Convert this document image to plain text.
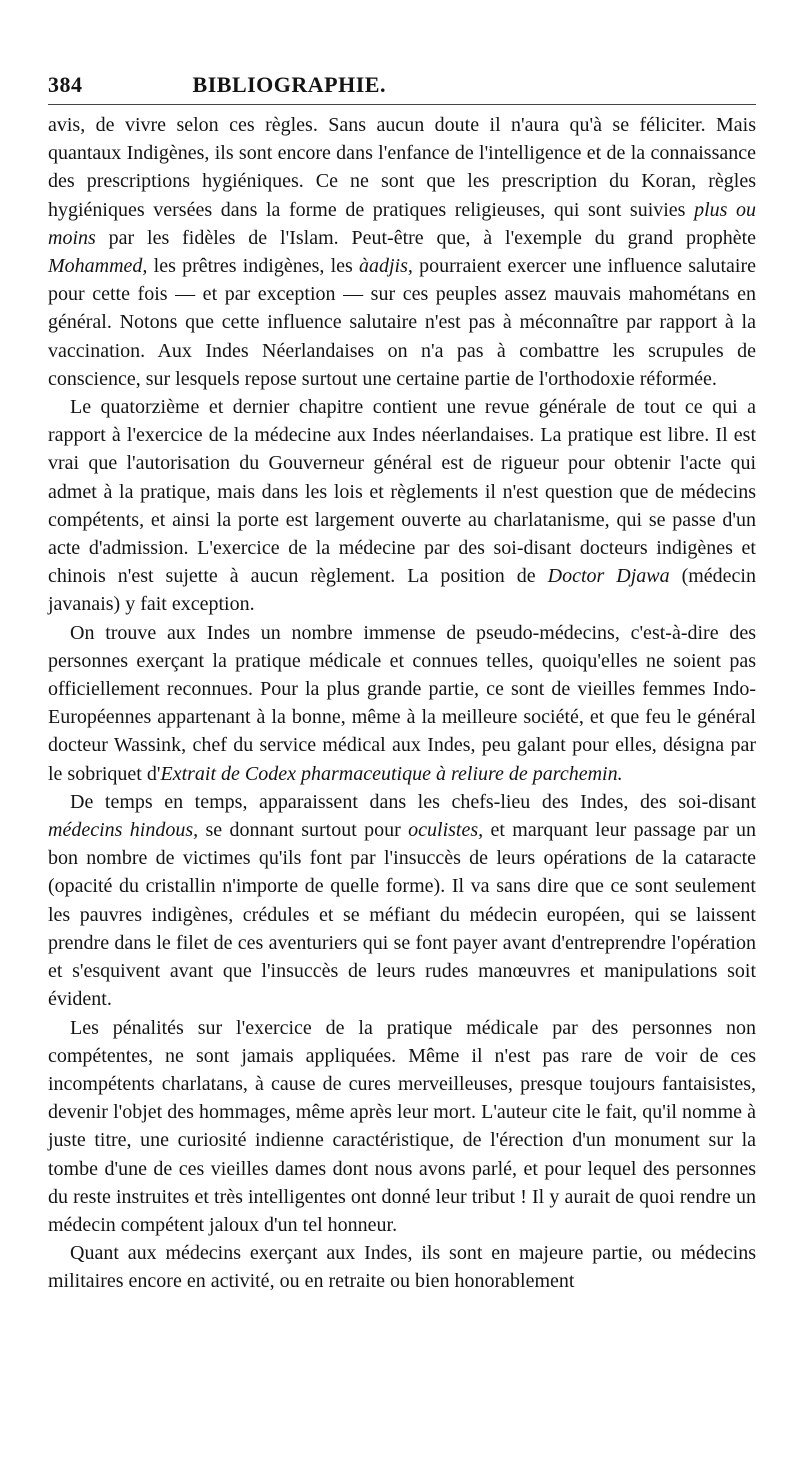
384	BIBLIOGRAPHIE.

avis, de vivre selon ces règles. Sans aucun doute il n'aura qu'à se féliciter. Mais quantaux Indigènes, ils sont encore dans l'enfance de l'intelligence et de la connaissance des prescriptions hygiéniques. Ce ne sont que les prescription du Koran, règles hygiéniques versées dans la forme de pratiques religieuses, qui sont suivies plus ou moins par les fidèles de l'Islam. Peut-être que, à l'exemple du grand prophète Mohammed, les prêtres indigènes, les àadjis, pourraient exercer une influence salutaire pour cette fois — et par exception — sur ces peuples assez mauvais mahométans en général. Notons que cette influence salutaire n'est pas à méconnaître par rapport à la vaccination. Aux Indes Néerlandaises on n'a pas à combattre les scrupules de conscience, sur lesquels repose surtout une certaine partie de l'orthodoxie réformée.

Le quatorzième et dernier chapitre contient une revue générale de tout ce qui a rapport à l'exercice de la médecine aux Indes néerlandaises. La pratique est libre. Il est vrai que l'autorisation du Gouverneur général est de rigueur pour obtenir l'acte qui admet à la pratique, mais dans les lois et règlements il n'est question que de médecins compétents, et ainsi la porte est largement ouverte au charlatanisme, qui se passe d'un acte d'admission. L'exercice de la médecine par des soi-disant docteurs indigènes et chinois n'est sujette à aucun règlement. La position de Doctor Djawa (médecin javanais) y fait exception.

On trouve aux Indes un nombre immense de pseudo-médecins, c'est-à-dire des personnes exerçant la pratique médicale et connues telles, quoiqu'elles ne soient pas officiellement reconnues. Pour la plus grande partie, ce sont de vieilles femmes Indo-Européennes appartenant à la bonne, même à la meilleure société, et que feu le général docteur Wassink, chef du service médical aux Indes, peu galant pour elles, désigna par le sobriquet d'Extrait de Codex pharmaceutique à reliure de parchemin.

De temps en temps, apparaissent dans les chefs-lieu des Indes, des soi-disant médecins hindous, se donnant surtout pour oculistes, et marquant leur passage par un bon nombre de victimes qu'ils font par l'insuccès de leurs opérations de la cataracte (opacité du cristallin n'importe de quelle forme). Il va sans dire que ce sont seulement les pauvres indigènes, crédules et se méfiant du médecin européen, qui se laissent prendre dans le filet de ces aventuriers qui se font payer avant d'entreprendre l'opération et s'esquivent avant que l'insuccès de leurs rudes manœuvres et manipulations soit évident.

Les pénalités sur l'exercice de la pratique médicale par des personnes non compétentes, ne sont jamais appliquées. Même il n'est pas rare de voir de ces incompétents charlatans, à cause de cures merveilleuses, presque toujours fantaisistes, devenir l'objet des hommages, même après leur mort. L'auteur cite le fait, qu'il nomme à juste titre, une curiosité indienne caractéristique, de l'érection d'un monument sur la tombe d'une de ces vieilles dames dont nous avons parlé, et pour lequel des personnes du reste instruites et très intelligentes ont donné leur tribut ! Il y aurait de quoi rendre un médecin compétent jaloux d'un tel honneur.

Quant aux médecins exerçant aux Indes, ils sont en majeure partie, ou médecins militaires encore en activité, ou en retraite ou bien honorablement
